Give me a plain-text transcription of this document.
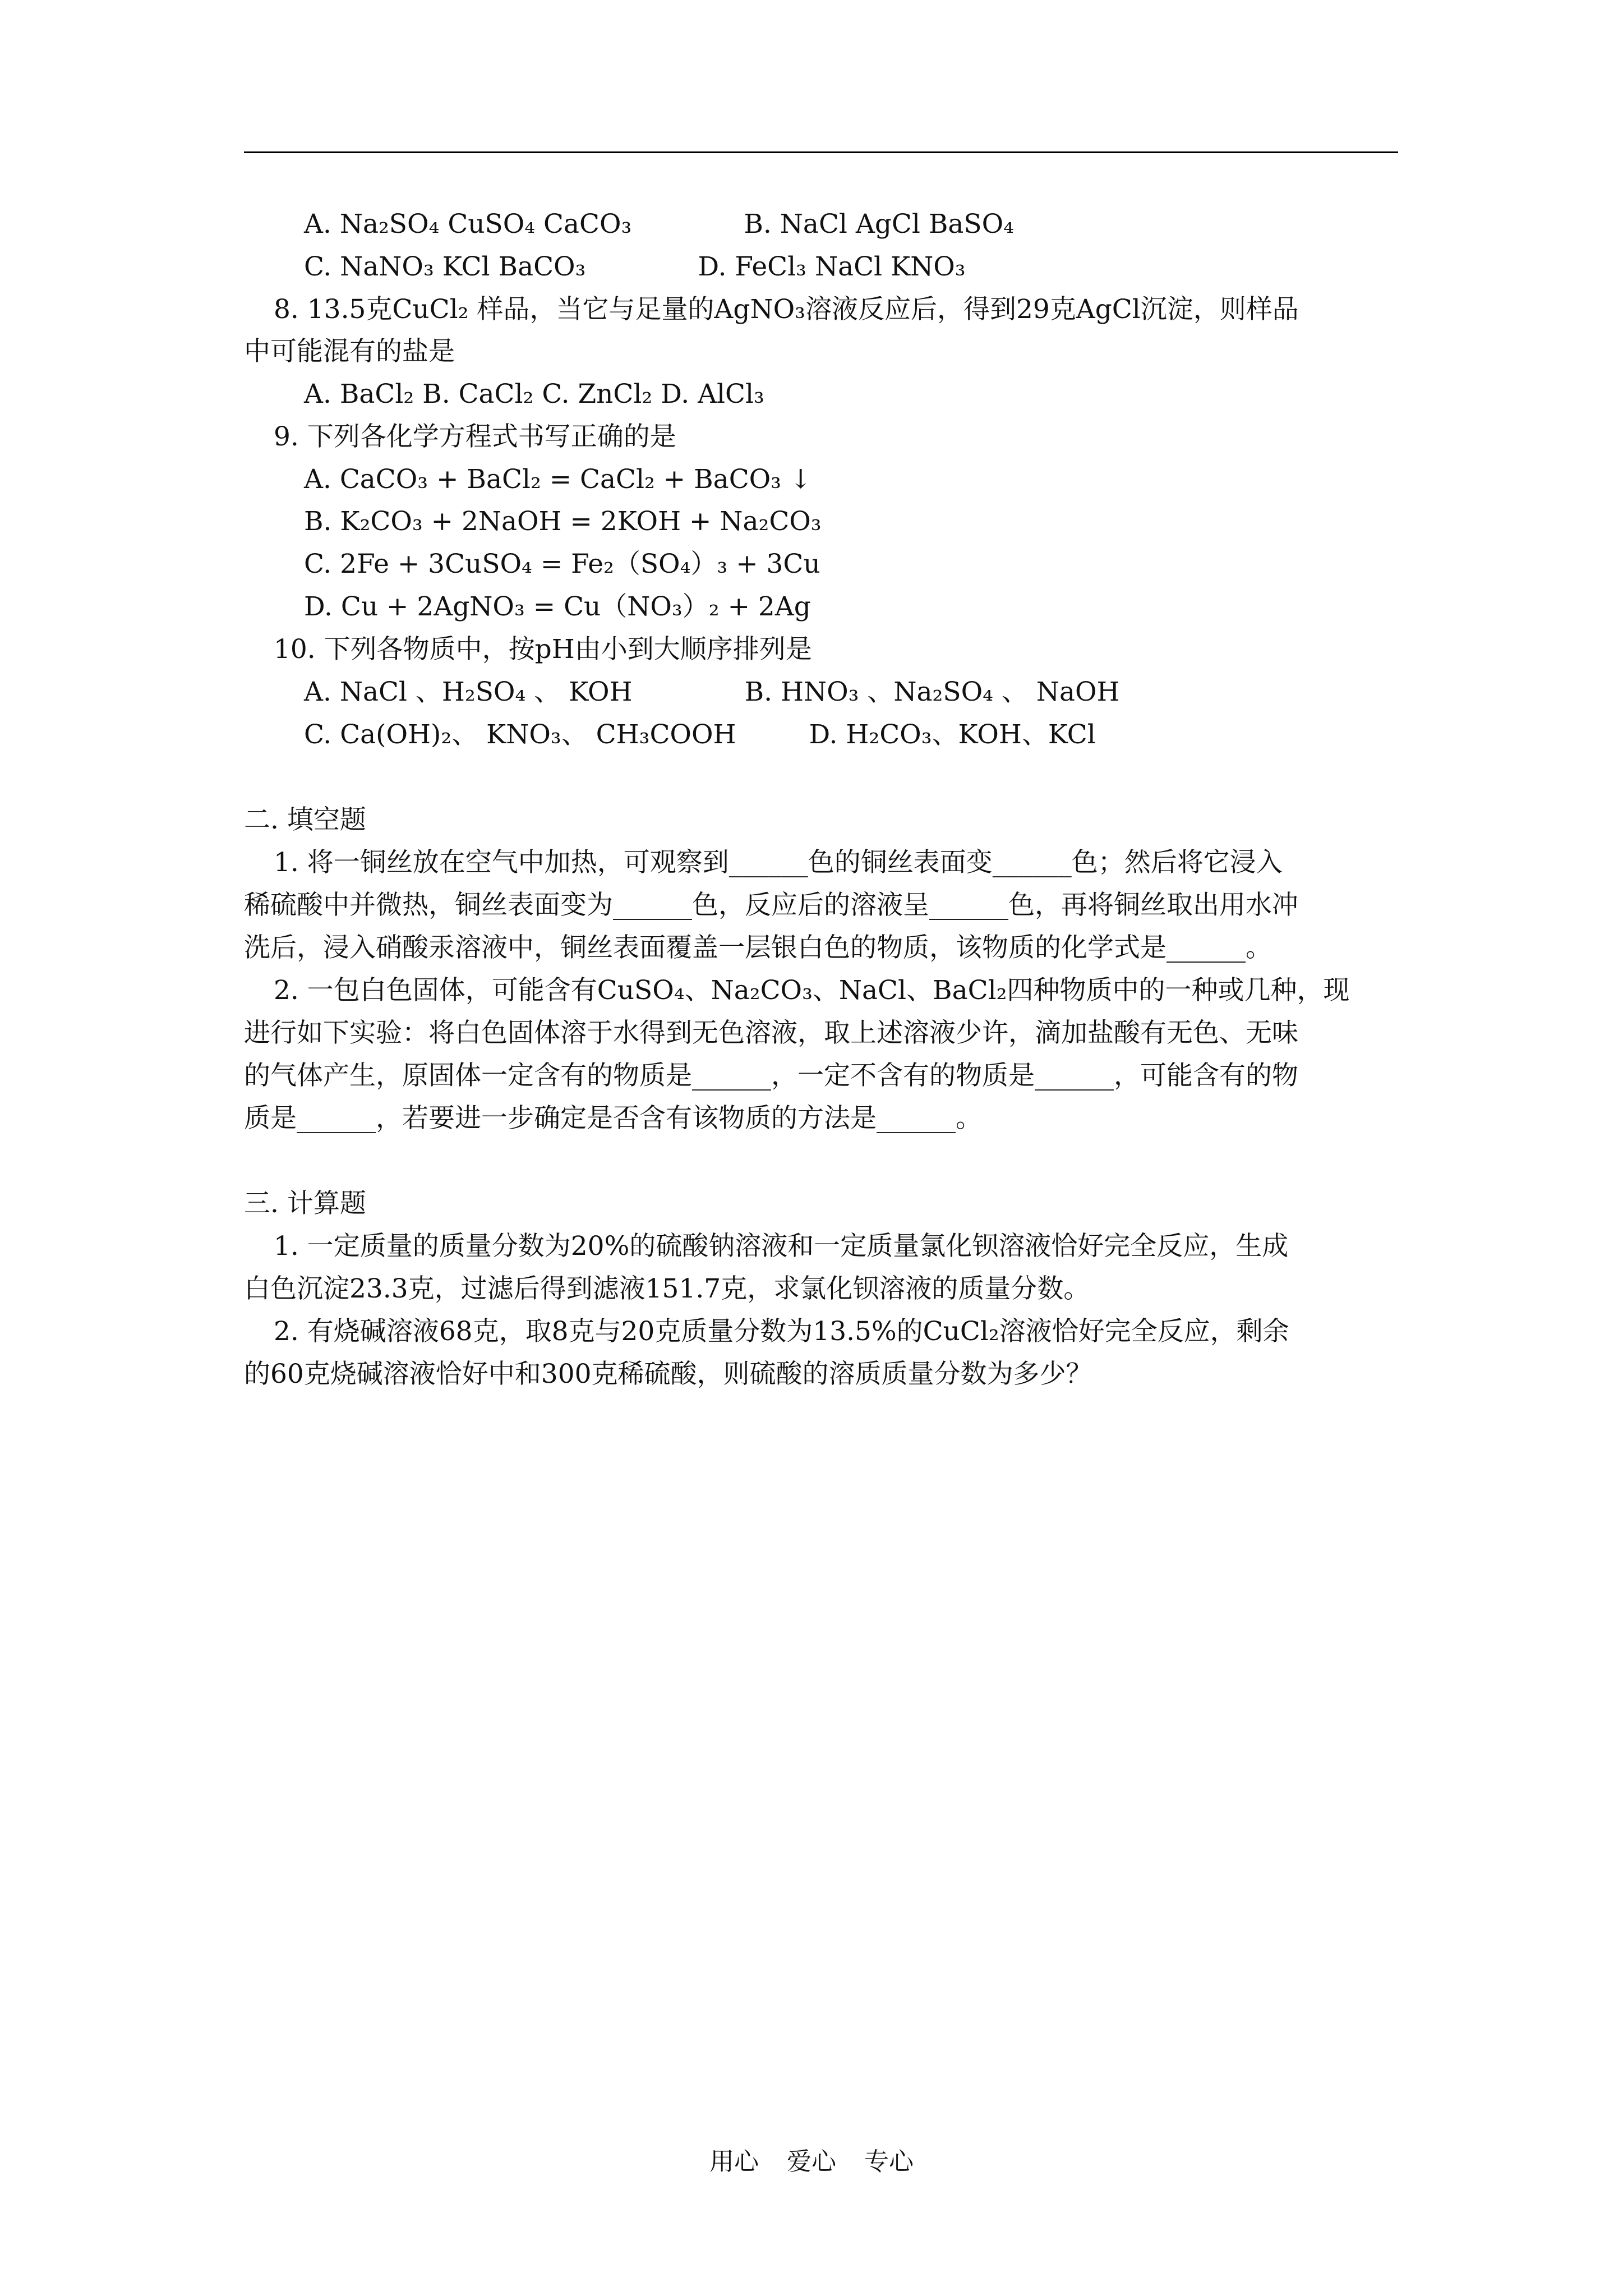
A. Na₂SO₄ CuSO₄ CaCO₃	B. NaCl AgCl BaSO₄
C. NaNO₃ KCl BaCO₃	D. FeCl₃ NaCl KNO₃
8. 13.5克CuCl₂ 样品，当它与足量的AgNO₃溶液反应后，得到29克AgCl沉淀，则样品
中可能混有的盐是
A. BaCl₂ B. CaCl₂ C. ZnCl₂ D. AlCl₃
9. 下列各化学方程式书写正确的是
A. CaCO₃ + BaCl₂ = CaCl₂ + BaCO₃ ↓
B. K₂CO₃ + 2NaOH = 2KOH + Na₂CO₃
C. 2Fe + 3CuSO₄ = Fe₂（SO₄）₃ + 3Cu
D. Cu + 2AgNO₃ = Cu（NO₃）₂ + 2Ag
10. 下列各物质中，按pH由小到大顺序排列是
A. NaCl 、H₂SO₄ 、 KOH	B. HNO₃ 、Na₂SO₄ 、 NaOH
C. Ca(OH)₂、 KNO₃、 CH₃COOH	D. H₂CO₃、KOH、KCl
二. 填空题
1. 将一铜丝放在空气中加热，可观察到______色的铜丝表面变______色；然后将它浸入
稀硫酸中并微热，铜丝表面变为______色，反应后的溶液呈______色，再将铜丝取出用水冲
洗后，浸入硝酸汞溶液中，铜丝表面覆盖一层银白色的物质，该物质的化学式是______。
2. 一包白色固体，可能含有CuSO₄、Na₂CO₃、NaCl、BaCl₂四种物质中的一种或几种，现
进行如下实验：将白色固体溶于水得到无色溶液，取上述溶液少许，滴加盐酸有无色、无味
的气体产生，原固体一定含有的物质是______，一定不含有的物质是______，可能含有的物
质是______，若要进一步确定是否含有该物质的方法是______。
三. 计算题
1. 一定质量的质量分数为20%的硫酸钠溶液和一定质量氯化钡溶液恰好完全反应，生成
白色沉淀23.3克，过滤后得到滤液151.7克，求氯化钡溶液的质量分数。
2. 有烧碱溶液68克，取8克与20克质量分数为13.5%的CuCl₂溶液恰好完全反应，剩余
的60克烧碱溶液恰好中和300克稀硫酸，则硫酸的溶质质量分数为多少？
用心 爱心 专心
